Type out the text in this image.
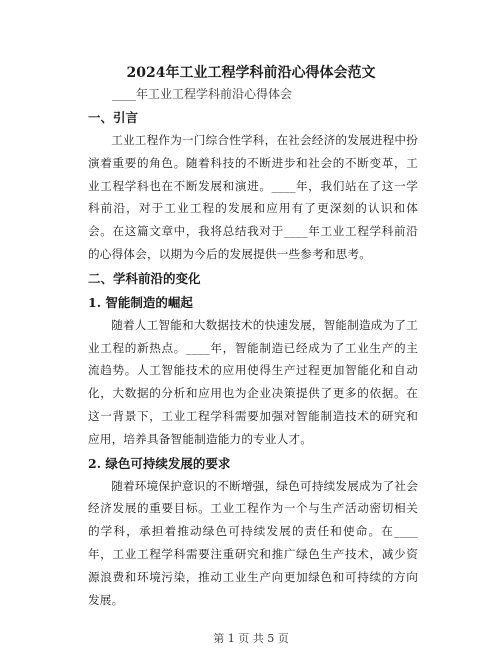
2024年工业工程学科前沿心得体会范文

____年工业工程学科前沿心得体会

一、引言

工业工程作为一门综合性学科，在社会经济的发展进程中扮演着重要的角色。随着科技的不断进步和社会的不断变革，工业工程学科也在不断发展和演进。____年，我们站在了这一学科前沿，对于工业工程的发展和应用有了更深刻的认识和体会。在这篇文章中，我将总结我对于____年工业工程学科前沿的心得体会，以期为今后的发展提供一些参考和思考。

二、学科前沿的变化
1. 智能制造的崛起

随着人工智能和大数据技术的快速发展，智能制造成为了工业工程的新热点。____年，智能制造已经成为了工业生产的主流趋势。人工智能技术的应用使得生产过程更加智能化和自动化，大数据的分析和应用也为企业决策提供了更多的依据。在这一背景下，工业工程学科需要加强对智能制造技术的研究和应用，培养具备智能制造能力的专业人才。

2. 绿色可持续发展的要求

随着环境保护意识的不断增强，绿色可持续发展成为了社会经济发展的重要目标。工业工程作为一个与生产活动密切相关的学科，承担着推动绿色可持续发展的责任和使命。在____年，工业工程学科需要注重研究和推广绿色生产技术，减少资源浪费和环境污染，推动工业生产向更加绿色和可持续的方向发展。

第 1 页 共 5 页
